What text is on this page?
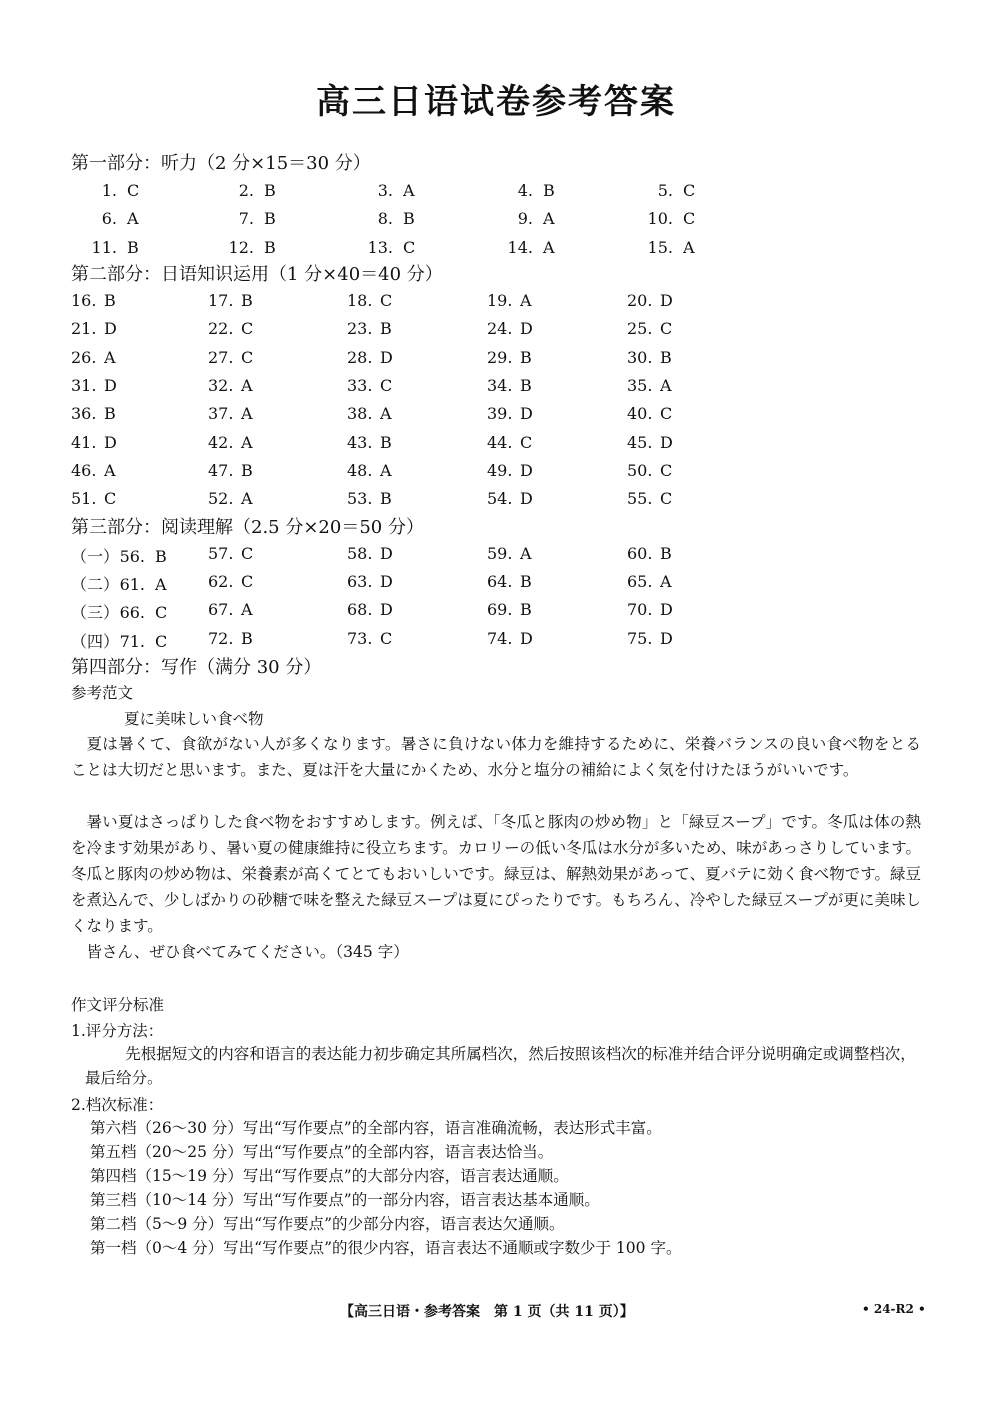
高三日语试卷参考答案
第一部分：听力（2 分×15＝30 分）
1. C	2. B	3. A	4. B	5. C
6. A	7. B	8. B	9. A	10. C
11. B	12. B	13. C	14. A	15. A
第二部分：日语知识运用（1 分×40＝40 分）
16. B	17. B	18. C	19. A	20. D
21. D	22. C	23. B	24. D	25. C
26. A	27. C	28. D	29. B	30. B
31. D	32. A	33. C	34. B	35. A
36. B	37. A	38. A	39. D	40. C
41. D	42. A	43. B	44. C	45. D
46. A	47. B	48. A	49. D	50. C
51. C	52. A	53. B	54. D	55. C
第三部分：阅读理解（2.5 分×20＝50 分）
（一）56. B	57. C	58. D	59. A	60. B
（二）61. A	62. C	63. D	64. B	65. A
（三）66. C	67. A	68. D	69. B	70. D
（四）71. C	72. B	73. C	74. D	75. D
第四部分：写作（满分 30 分）
参考范文
夏に美味しい食べ物

夏は暑くて、食欲がない人が多くなります。暑さに負けない体力を維持するために、栄養バランスの良い食べ物をとることは大切だと思います。また、夏は汗を大量にかくため、水分と塩分の補給によく気を付けたほうがいいです。

暑い夏はさっぱりした食べ物をおすすめします。例えば、「冬瓜と豚肉の炒め物」と「緑豆スープ」です。冬瓜は体の熱を冷ます効果があり、暑い夏の健康維持に役立ちます。カロリーの低い冬瓜は水分が多いため、味があっさりしています。冬瓜と豚肉の炒め物は、栄養素が高くてとてもおいしいです。緑豆は、解熱効果があって、夏バテに効く食べ物です。緑豆を煮込んで、少しばかりの砂糖で味を整えた緑豆スープは夏にぴったりです。もちろん、冷やした緑豆スープが更に美味しくなります。

皆さん、ぜひ食べてみてください。（345 字）

作文评分标准
1.评分方法：

先根据短文的内容和语言的表达能力初步确定其所属档次，然后按照该档次的标准并结合评分说明确定或调整档次，最后给分。

2.档次标准：
第六档（26～30 分）写出“写作要点”的全部内容，语言准确流畅，表达形式丰富。
第五档（20～25 分）写出“写作要点”的全部内容，语言表达恰当。
第四档（15～19 分）写出“写作要点”的大部分内容，语言表达通顺。
第三档（10～14 分）写出“写作要点”的一部分内容，语言表达基本通顺。
第二档（5～9 分）写出“写作要点”的少部分内容，语言表达欠通顺。
第一档（0～4 分）写出“写作要点”的很少内容，语言表达不通顺或字数少于 100 字。
【高三日语・参考答案　第 1 页（共 11 页）】	• 24-R2 •
